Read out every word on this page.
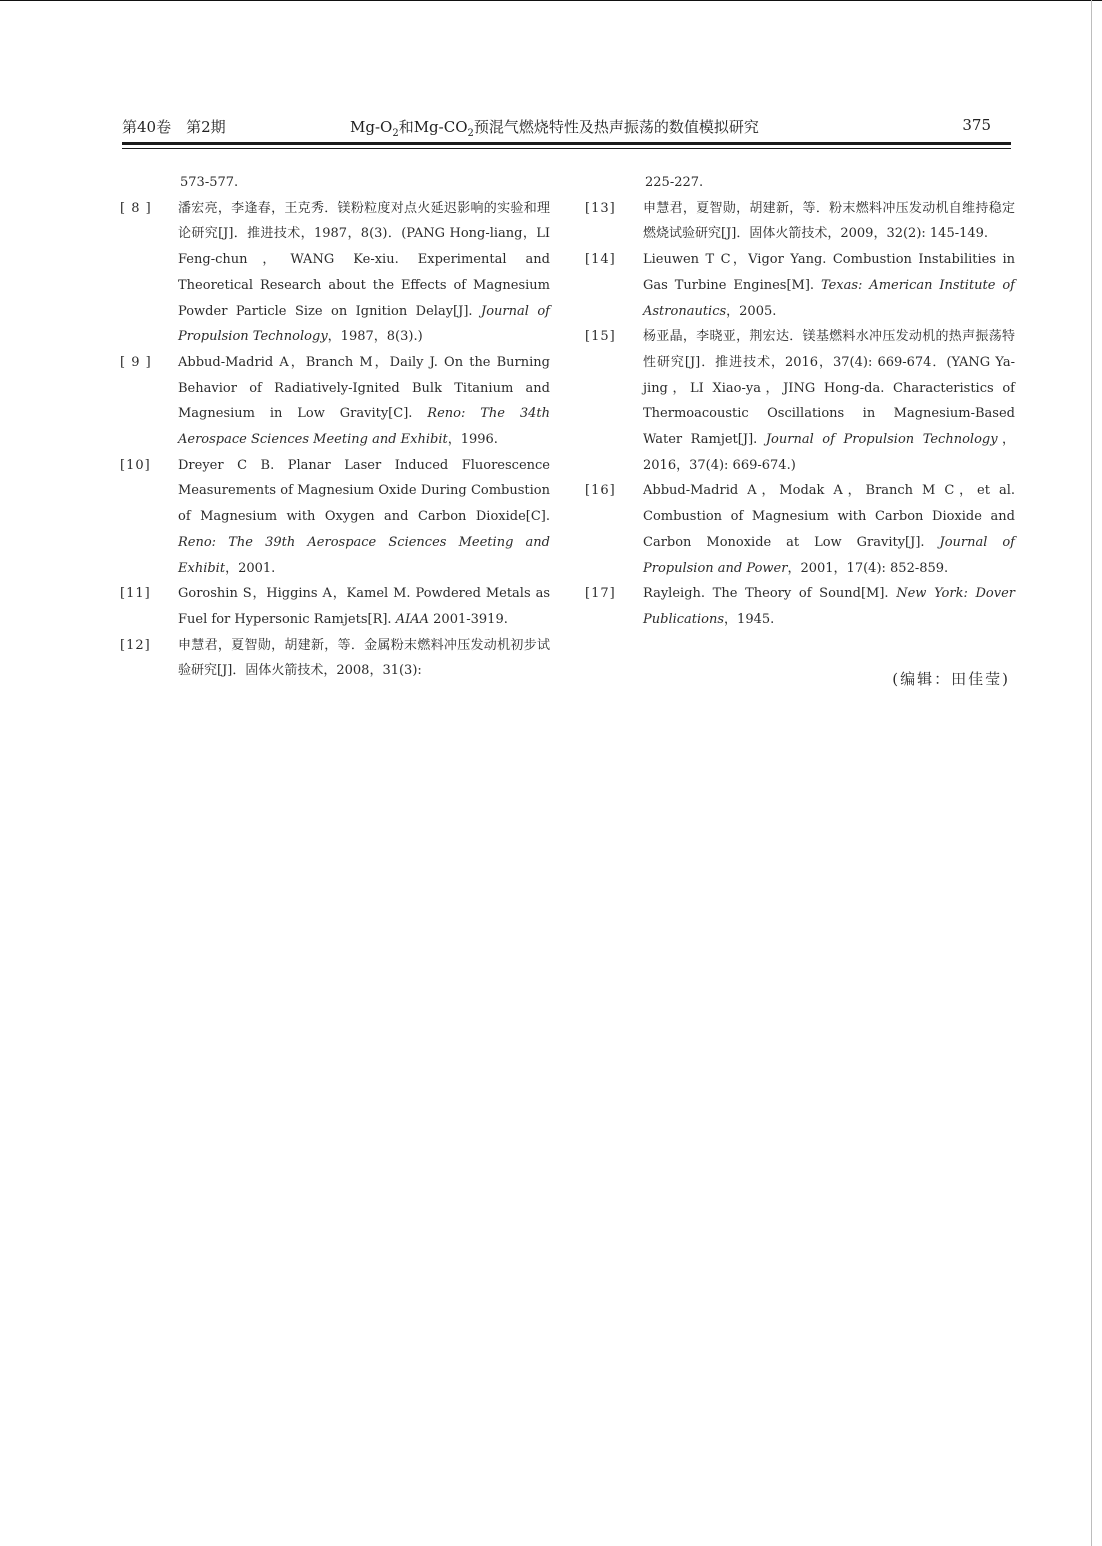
第40卷　第2期	$Mg-O_2$和$Mg-CO_2$预混气燃烧特性及热声振荡的数值模拟研究	375
573-577.
[ 8 ]	潘宏亮，李逢春，王克秀．镁粉粒度对点火延迟影响的实验和理论研究[J]．推进技术，1987，8(3)．(PANG Hong-liang，LI Feng-chun，WANG Ke-xiu. Experimental and Theoretical Research about the Effects of Magnesium Powder Particle Size on Ignition Delay[J]. Journal of Propulsion Technology，1987，8(3).)
[ 9 ]	Abbud-Madrid A，Branch M，Daily J. On the Burning Behavior of Radiatively-Ignited Bulk Titanium and Magnesium in Low Gravity[C]. Reno: The 34th Aerospace Sciences Meeting and Exhibit，1996.
[10]	Dreyer C B. Planar Laser Induced Fluorescence Measurements of Magnesium Oxide During Combustion of Magnesium with Oxygen and Carbon Dioxide[C]. Reno: The 39th Aerospace Sciences Meeting and Exhibit，2001.
[11]	Goroshin S，Higgins A，Kamel M. Powdered Metals as Fuel for Hypersonic Ramjets[R]. AIAA 2001-3919.
[12]	申慧君，夏智勋，胡建新，等．金属粉末燃料冲压发动机初步试验研究[J]．固体火箭技术，2008，31(3):
225-227.
[13]	申慧君，夏智勋，胡建新，等．粉末燃料冲压发动机自维持稳定燃烧试验研究[J]．固体火箭技术，2009，32(2): 145-149.
[14]	Lieuwen T C，Vigor Yang. Combustion Instabilities in Gas Turbine Engines[M]. Texas: American Institute of Astronautics，2005.
[15]	杨亚晶，李晓亚，荆宏达．镁基燃料水冲压发动机的热声振荡特性研究[J]．推进技术，2016，37(4): 669-674．(YANG Ya-jing，LI Xiao-ya，JING Hong-da. Characteristics of Thermoacoustic Oscillations in Magnesium-Based Water Ramjet[J]. Journal of Propulsion Technology，2016，37(4): 669-674.)
[16]	Abbud-Madrid A，Modak A，Branch M C，et al. Combustion of Magnesium with Carbon Dioxide and Carbon Monoxide at Low Gravity[J]. Journal of Propulsion and Power，2001，17(4): 852-859.
[17]	Rayleigh. The Theory of Sound[M]. New York: Dover Publications，1945.
(编辑：田佳莹)
